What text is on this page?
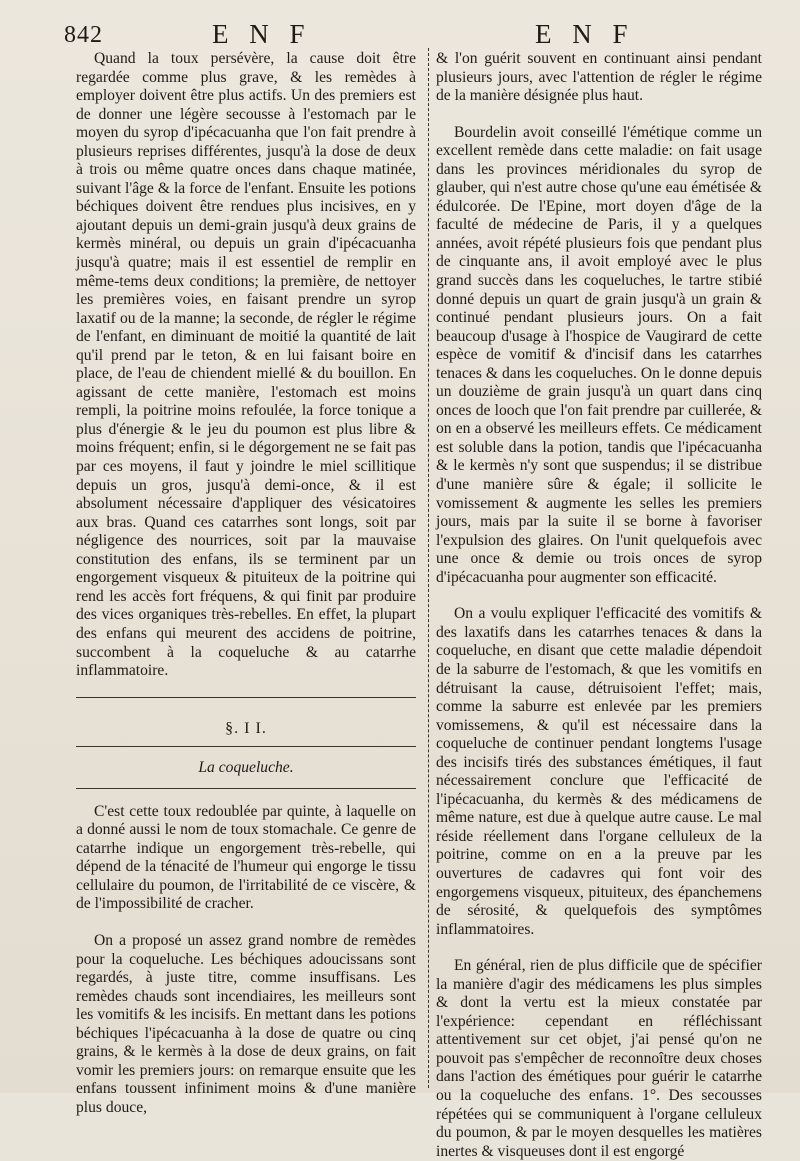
842	E N F	E N F

Quand la toux persévère, la cause doit être regardée comme plus grave, & les remèdes à employer doivent être plus actifs. Un des premiers est de donner une légère secousse à l'estomach par le moyen du syrop d'ipécacuanha que l'on fait prendre à plusieurs reprises différentes, jusqu'à la dose de deux à trois ou même quatre onces dans chaque matinée, suivant l'âge & la force de l'enfant. Ensuite les potions béchiques doivent être rendues plus incisives, en y ajoutant depuis un demi-grain jusqu'à deux grains de kermès minéral, ou depuis un grain d'ipécacuanha jusqu'à quatre; mais il est essentiel de remplir en même-tems deux conditions; la première, de nettoyer les premières voies, en faisant prendre un syrop laxatif ou de la manne; la seconde, de régler le régime de l'enfant, en diminuant de moitié la quantité de lait qu'il prend par le teton, & en lui faisant boire en place, de l'eau de chiendent miellé & du bouillon. En agissant de cette manière, l'estomach est moins rempli, la poitrine moins refoulée, la force tonique a plus d'énergie & le jeu du poumon est plus libre & moins fréquent; enfin, si le dégorgement ne se fait pas par ces moyens, il faut y joindre le miel scillitique depuis un gros, jusqu'à demi-once, & il est absolument nécessaire d'appliquer des vésicatoires aux bras. Quand ces catarrhes sont longs, soit par négligence des nourrices, soit par la mauvaise constitution des enfans, ils se terminent par un engorgement visqueux & pituiteux de la poitrine qui rend les accès fort fréquens, & qui finit par produire des vices organiques très-rebelles. En effet, la plupart des enfans qui meurent des accidens de poitrine, succombent à la coqueluche & au catarrhe inflammatoire.

§. I I.
La coqueluche.

C'est cette toux redoublée par quinte, à laquelle on a donné aussi le nom de toux stomachale. Ce genre de catarrhe indique un engorgement très-rebelle, qui dépend de la ténacité de l'humeur qui engorge le tissu cellulaire du poumon, de l'irritabilité de ce viscère, & de l'impossibilité de cracher.

On a proposé un assez grand nombre de remèdes pour la coqueluche. Les béchiques adoucissans sont regardés, à juste titre, comme insuffisans. Les remèdes chauds sont incendiaires, les meilleurs sont les vomitifs & les incisifs. En mettant dans les potions béchiques l'ipécacuanha à la dose de quatre ou cinq grains, & le kermès à la dose de deux grains, on fait vomir les premiers jours: on remarque ensuite que les enfans toussent infiniment moins & d'une manière plus douce,

& l'on guérit souvent en continuant ainsi pendant plusieurs jours, avec l'attention de régler le régime de la manière désignée plus haut.

Bourdelin avoit conseillé l'émétique comme un excellent remède dans cette maladie: on fait usage dans les provinces méridionales du syrop de glauber, qui n'est autre chose qu'une eau émétisée & édulcorée. De l'Epine, mort doyen d'âge de la faculté de médecine de Paris, il y a quelques années, avoit répété plusieurs fois que pendant plus de cinquante ans, il avoit employé avec le plus grand succès dans les coqueluches, le tartre stibié donné depuis un quart de grain jusqu'à un grain & continué pendant plusieurs jours. On a fait beaucoup d'usage à l'hospice de Vaugirard de cette espèce de vomitif & d'incisif dans les catarrhes tenaces & dans les coqueluches. On le donne depuis un douzième de grain jusqu'à un quart dans cinq onces de looch que l'on fait prendre par cuillerée, & on en a observé les meilleurs effets. Ce médicament est soluble dans la potion, tandis que l'ipécacuanha & le kermès n'y sont que suspendus; il se distribue d'une manière sûre & égale; il sollicite le vomissement & augmente les selles les premiers jours, mais par la suite il se borne à favoriser l'expulsion des glaires. On l'unit quelquefois avec une once & demie ou trois onces de syrop d'ipécacuanha pour augmenter son efficacité.

On a voulu expliquer l'efficacité des vomitifs & des laxatifs dans les catarrhes tenaces & dans la coqueluche, en disant que cette maladie dépendoit de la saburre de l'estomach, & que les vomitifs en détruisant la cause, détruisoient l'effet; mais, comme la saburre est enlevée par les premiers vomissemens, & qu'il est nécessaire dans la coqueluche de continuer pendant longtems l'usage des incisifs tirés des substances émétiques, il faut nécessairement conclure que l'efficacité de l'ipécacuanha, du kermès & des médicamens de même nature, est due à quelque autre cause. Le mal réside réellement dans l'organe celluleux de la poitrine, comme on en a la preuve par les ouvertures de cadavres qui font voir des engorgemens visqueux, pituiteux, des épanchemens de sérosité, & quelquefois des symptômes inflammatoires.

En général, rien de plus difficile que de spécifier la manière d'agir des médicamens les plus simples & dont la vertu est la mieux constatée par l'expérience: cependant en réfléchissant attentivement sur cet objet, j'ai pensé qu'on ne pouvoit pas s'empêcher de reconnoître deux choses dans l'action des émétiques pour guérir le catarrhe ou la coqueluche des enfans. 1°. Des secousses répétées qui se communiquent à l'organe celluleux du poumon, & par le moyen desquelles les matières inertes & visqueuses dont il est engorgé
